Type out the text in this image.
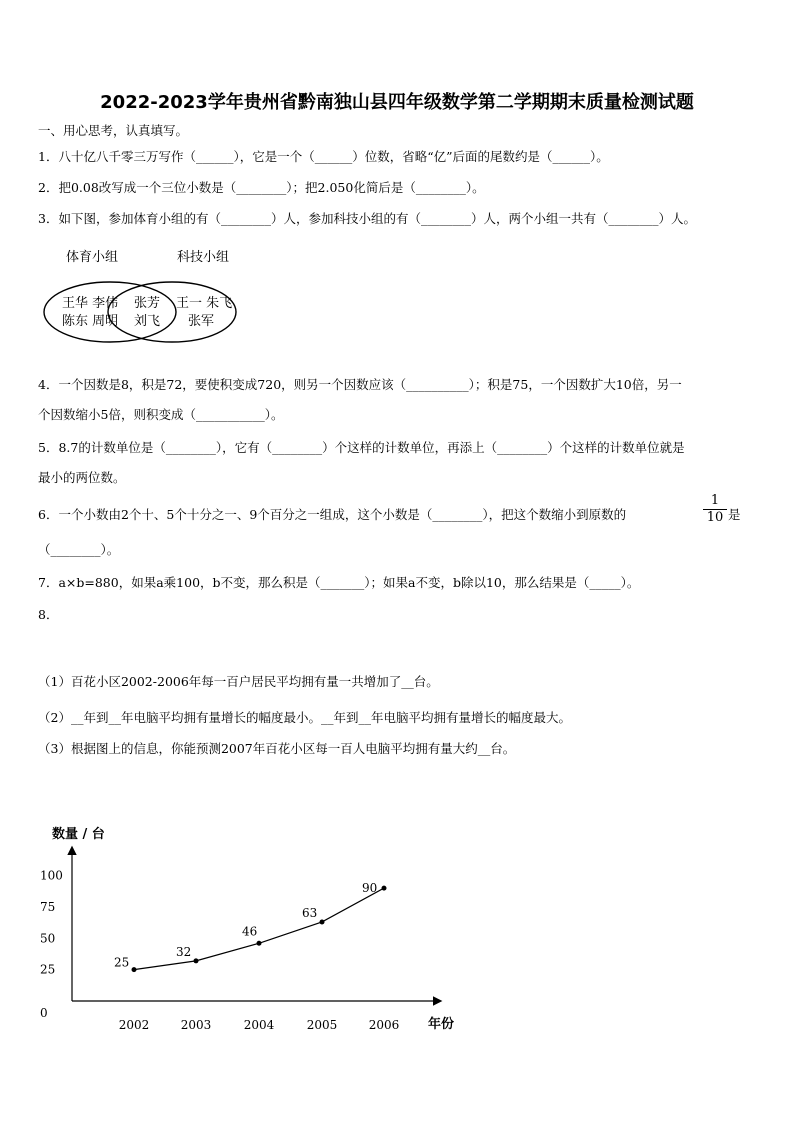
2022-2023学年贵州省黔南独山县四年级数学第二学期期末质量检测试题
一、用心思考，认真填写。
1．八十亿八千零三万写作（______），它是一个（______）位数，省略“亿”后面的尾数约是（______）。
2．把0.08改写成一个三位小数是（________）；把2.050化简后是（________）。
3．如下图，参加体育小组的有（________）人，参加科技小组的有（________）人，两个小组一共有（________）人。
体育小组	科技小组
王华 李伟
陈东 周明
张芳
刘飞
王一 朱飞
张军
4．一个因数是8，积是72，要使积变成720，则另一个因数应该（__________）；积是75，一个因数扩大10倍，另一
个因数缩小5倍，则积变成（___________）。
5．8.7的计数单位是（________），它有（________）个这样的计数单位，再添上（________）个这样的计数单位就是
最小的两位数。
6．一个小数由2个十、5个十分之一、9个百分之一组成，这个小数是（________），把这个数缩小到原数的	$\frac{1}{10}$ 是
（________）。
7．a×b=880，如果a乘100，b不变，那么积是（_______）；如果a不变，b除以10，那么结果是（_____）。
8．
（1）百花小区2002-2006年每一百户居民平均拥有量一共增加了__台。
（2）__年到__年电脑平均拥有量增长的幅度最小。__年到__年电脑平均拥有量增长的幅度最大。
（3）根据图上的信息，你能预测2007年百花小区每一百人电脑平均拥有量大约__台。
数量 / 台
年份
0
25
50
75
100
2002	2003	2004	2005	2006
25
32
46
63
90
